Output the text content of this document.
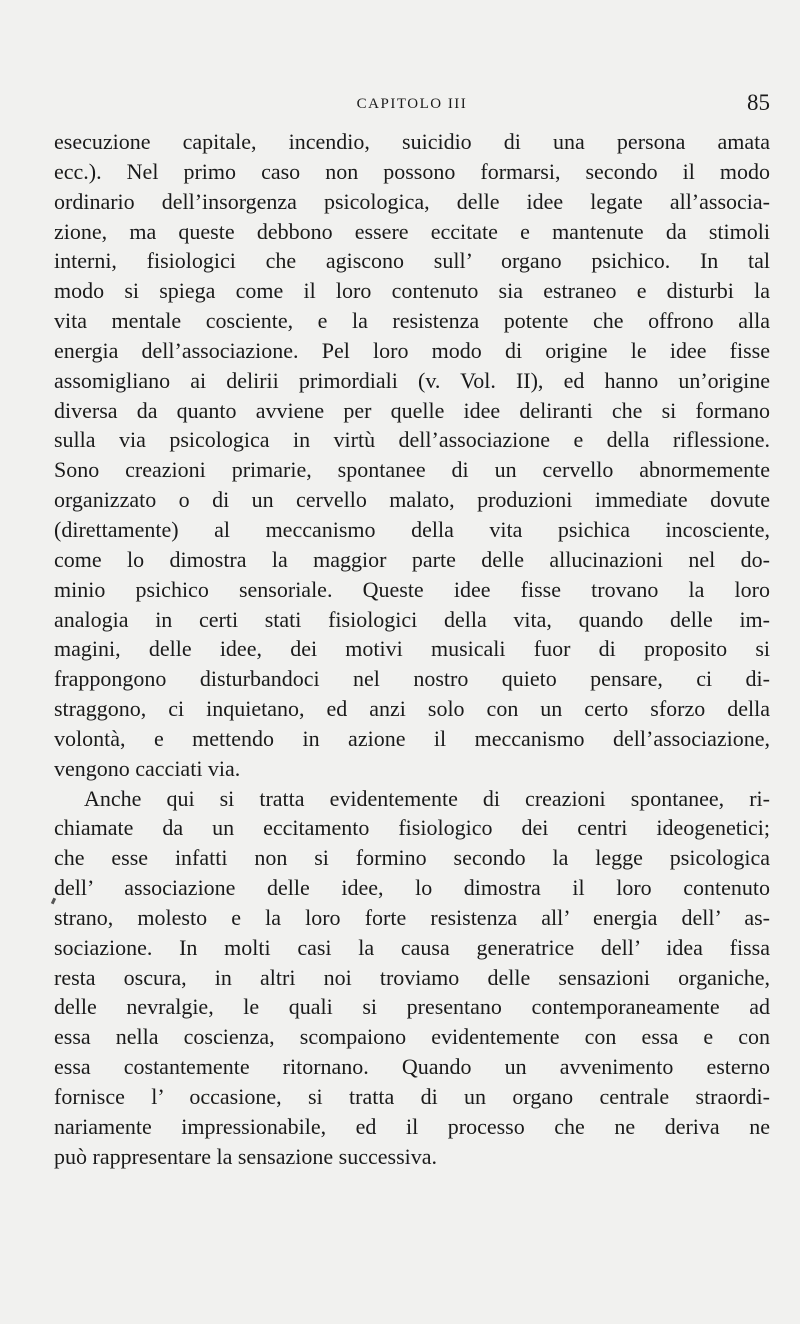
CAPITOLO III	85
esecuzione capitale, incendio, suicidio di una persona amata
ecc.). Nel primo caso non possono formarsi, secondo il modo
ordinario dell’insorgenza psicologica, delle idee legate all’associa-
zione, ma queste debbono essere eccitate e mantenute da stimoli
interni, fisiologici che agiscono sull’ organo psichico. In tal
modo si spiega come il loro contenuto sia estraneo e disturbi la
vita mentale cosciente, e la resistenza potente che offrono alla
energia dell’associazione. Pel loro modo di origine le idee fisse
assomigliano ai delirii primordiali (v. Vol. II), ed hanno un’origine
diversa da quanto avviene per quelle idee deliranti che si formano
sulla via psicologica in virtù dell’associazione e della riflessione.
Sono creazioni primarie, spontanee di un cervello abnormemente
organizzato o di un cervello malato, produzioni immediate dovute
(direttamente) al meccanismo della vita psichica incosciente,
come lo dimostra la maggior parte delle allucinazioni nel do-
minio psichico sensoriale. Queste idee fisse trovano la loro
analogia in certi stati fisiologici della vita, quando delle im-
magini, delle idee, dei motivi musicali fuor di proposito si
frappongono disturbandoci nel nostro quieto pensare, ci di-
straggono, ci inquietano, ed anzi solo con un certo sforzo della
volontà, e mettendo in azione il meccanismo dell’associazione,
vengono cacciati via.
Anche qui si tratta evidentemente di creazioni spontanee, ri-
chiamate da un eccitamento fisiologico dei centri ideogenetici;
che esse infatti non si formino secondo la legge psicologica
dell’ associazione delle idee, lo dimostra il loro contenuto
strano, molesto e la loro forte resistenza all’ energia dell’ as-
sociazione. In molti casi la causa generatrice dell’ idea fissa
resta oscura, in altri noi troviamo delle sensazioni organiche,
delle nevralgie, le quali si presentano contemporaneamente ad
essa nella coscienza, scompaiono evidentemente con essa e con
essa costantemente ritornano. Quando un avvenimento esterno
fornisce l’ occasione, si tratta di un organo centrale straordi-
nariamente impressionabile, ed il processo che ne deriva ne
può rappresentare la sensazione successiva.
